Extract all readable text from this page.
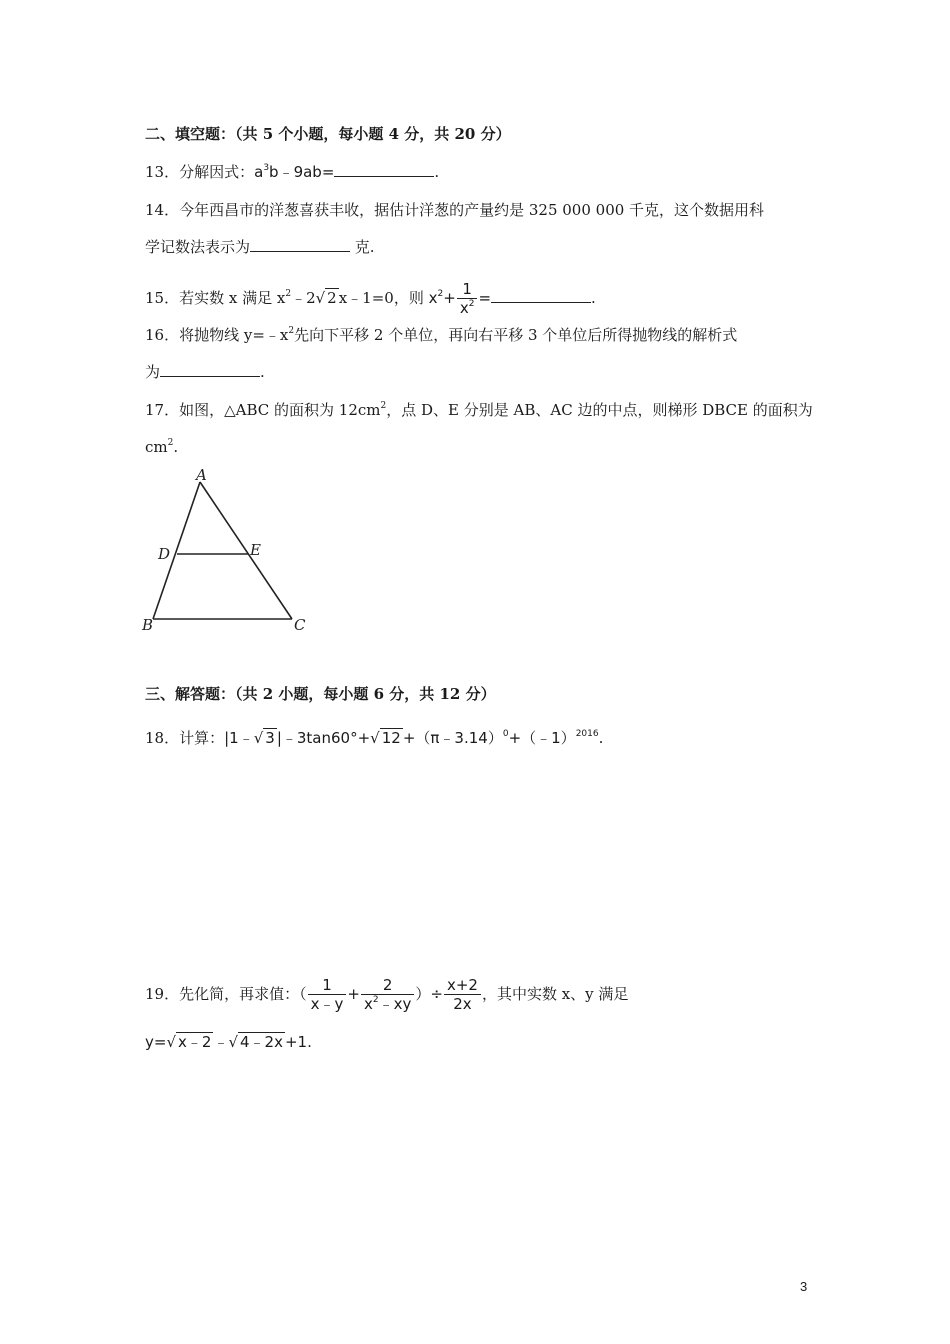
二、填空题：（共 5 个小题，每小题 4 分，共 20 分）
13．分解因式：$a^3b﹣9ab=$	.
14．今年西昌市的洋葱喜获丰收，据估计洋葱的产量约是 325 000 000 千克，这个数据用科
学记数法表示为	克.
15．若实数 x 满足 $x^2﹣2√$ 2 x﹣1=0，则 $x^2+ \frac{1}{x^2}$ =	.
16．将抛物线 $y=﹣x^2$先向下平移 2 个单位，再向右平移 3 个单位后所得抛物线的解析式
为	.
17．如图，△ABC 的面积为 $12cm^2$，点 D、E 分别是 AB、AC 边的中点，则梯形 DBCE 的面积为
$cm^2$.
A
B	C
D	E
三、解答题：（共 2 小题，每小题 6 分，共 12 分）
18．计算：|1﹣√ 3 |﹣3tan60°+√ 12 +（π﹣3.14）$^0$+（﹣1）$^{2016}$.
19．先化简，再求值：（ $\frac{1}{x﹣y} + \frac{2}{x^2﹣xy}$ ）÷ $\frac{x+2}{2x}$ ，其中实数 x、y 满足
y=√ x﹣2 ﹣√ 4﹣2x +1.
3
